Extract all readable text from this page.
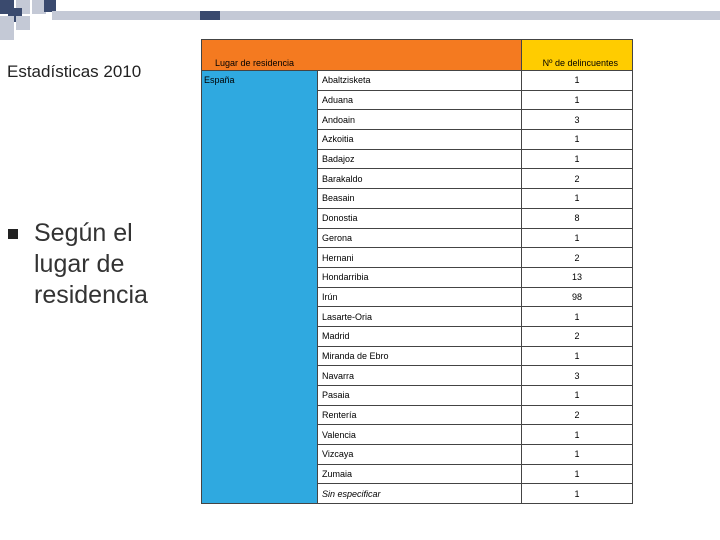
Estadísticas 2010
Según el lugar de residencia
Lugar de residencia		Nº de delincuentes
España	Abaltzisketa	1
	Aduana	1
	Andoain	3
	Azkoitia	1
	Badajoz	1
	Barakaldo	2
	Beasain	1
	Donostia	8
	Gerona	1
	Hernani	2
	Hondarribia	13
	Irún	98
	Lasarte-Oria	1
	Madrid	2
	Miranda de Ebro	1
	Navarra	3
	Pasaia	1
	Rentería	2
	Valencia	1
	Vizcaya	1
	Zumaia	1
	Sin especificar	1
